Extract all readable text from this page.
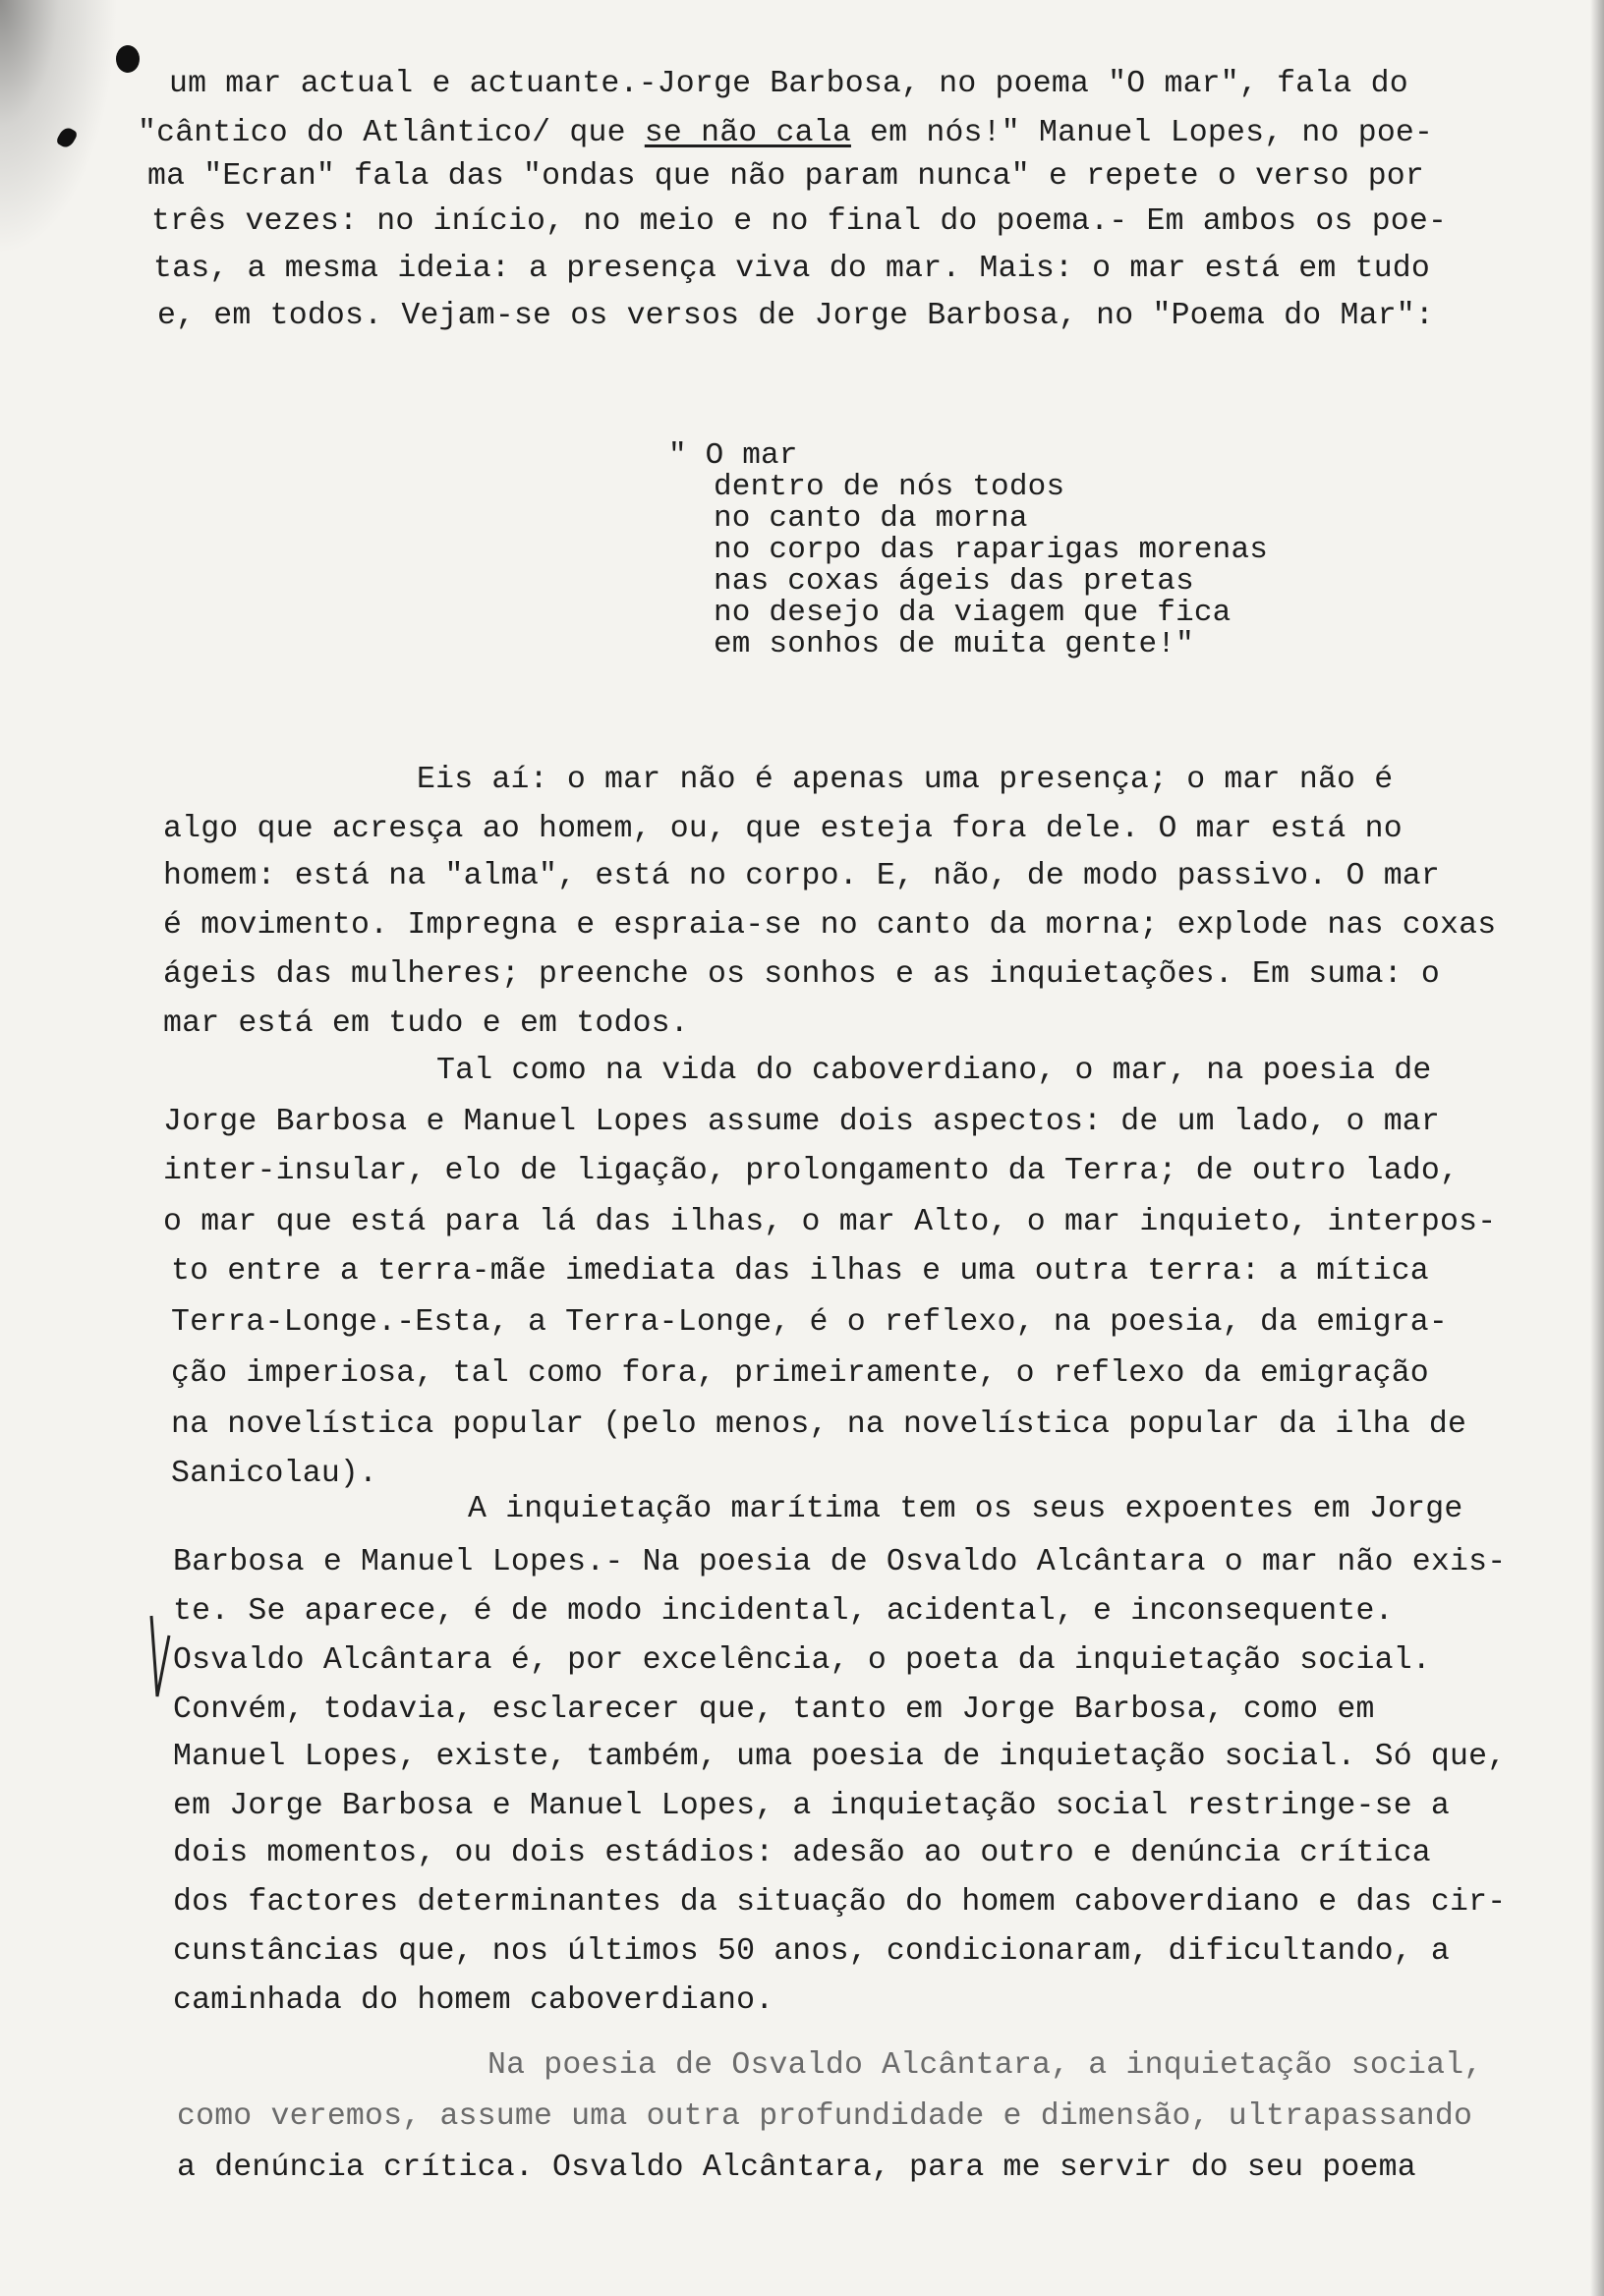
um mar actual e actuante.-Jorge Barbosa, no poema "O mar", fala do
"cântico do Atlântico/ que se não cala em nós!" Manuel Lopes, no poe-
ma "Ecran" fala das "ondas que não param nunca" e repete o verso por
três vezes: no início, no meio e no final do poema.- Em ambos os poe-
tas, a mesma ideia: a presença viva do mar. Mais: o mar está em tudo
e, em todos. Vejam-se os versos de Jorge Barbosa, no "Poema do Mar":
" O mar
dentro de nós todos
no canto da morna
no corpo das raparigas morenas
nas coxas ágeis das pretas
no desejo da viagem que fica
em sonhos de muita gente!"
Eis aí: o mar não é apenas uma presença; o mar não é
algo que acresça ao homem, ou, que esteja fora dele. O mar está no
homem: está na "alma", está no corpo. E, não, de modo passivo. O mar
é movimento. Impregna e espraia-se no canto da morna; explode nas coxas
ágeis das mulheres; preenche os sonhos e as inquietações. Em suma: o
mar está em tudo e em todos.
Tal como na vida do caboverdiano, o mar, na poesia de
Jorge Barbosa e Manuel Lopes assume dois aspectos: de um lado, o mar
inter-insular, elo de ligação, prolongamento da Terra; de outro lado,
o mar que está para lá das ilhas, o mar Alto, o mar inquieto, interpos-
to entre a terra-mãe imediata das ilhas e uma outra terra: a mítica
Terra-Longe.-Esta, a Terra-Longe, é o reflexo, na poesia, da emigra-
ção imperiosa, tal como fora, primeiramente, o reflexo da emigração
na novelística popular (pelo menos, na novelística popular da ilha de
Sanicolau).
A inquietação marítima tem os seus expoentes em Jorge
Barbosa e Manuel Lopes.- Na poesia de Osvaldo Alcântara o mar não exis-
te. Se aparece, é de modo incidental, acidental, e inconsequente.
Osvaldo Alcântara é, por excelência, o poeta da inquietação social.
Convém, todavia, esclarecer que, tanto em Jorge Barbosa, como em
Manuel Lopes, existe, também, uma poesia de inquietação social. Só que,
em Jorge Barbosa e Manuel Lopes, a inquietação social restringe-se a
dois momentos, ou dois estádios: adesão ao outro e denúncia crítica
dos factores determinantes da situação do homem caboverdiano e das cir-
cunstâncias que, nos últimos 50 anos, condicionaram, dificultando, a
caminhada do homem caboverdiano.
Na poesia de Osvaldo Alcântara, a inquietação social,
como veremos, assume uma outra profundidade e dimensão, ultrapassando
a denúncia crítica. Osvaldo Alcântara, para me servir do seu poema
